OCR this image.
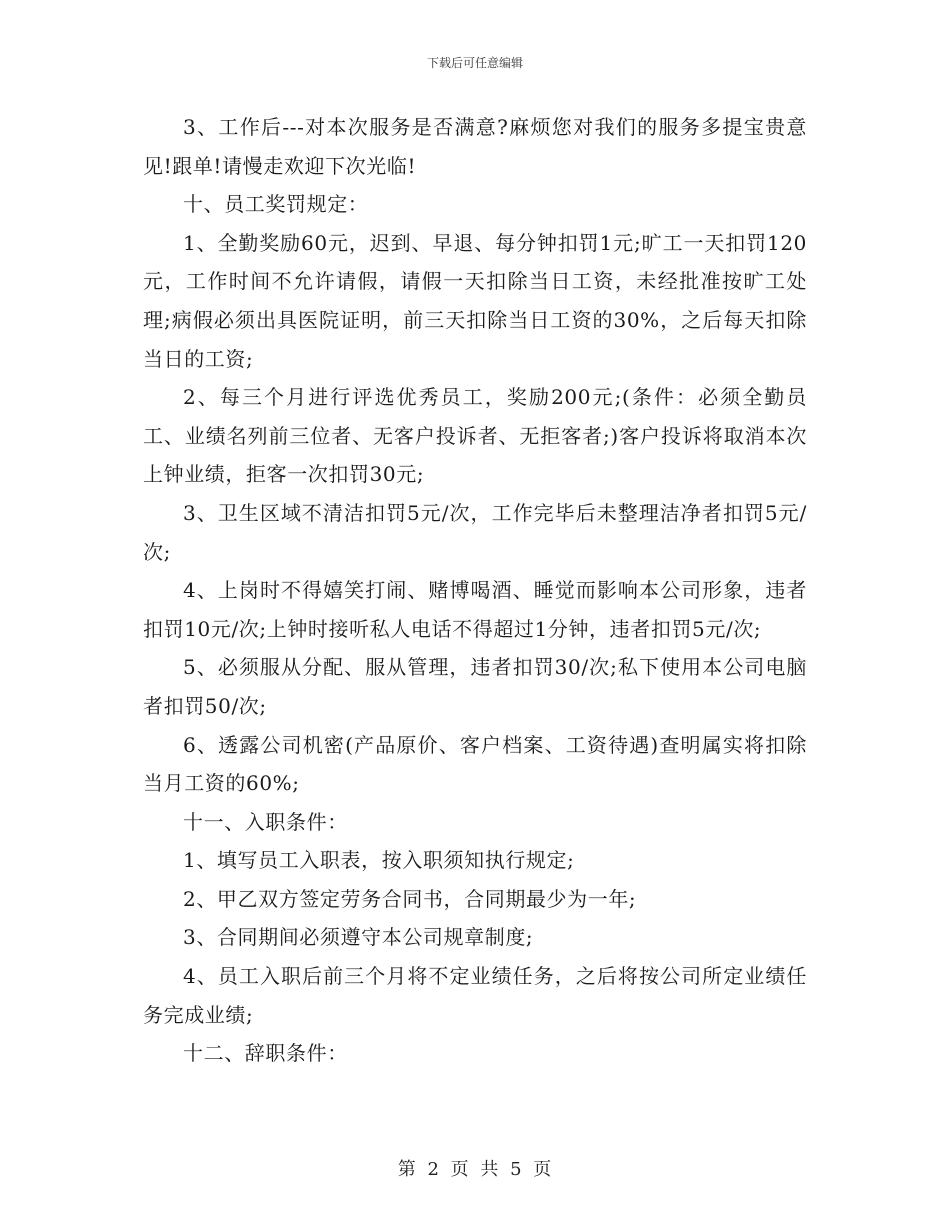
下载后可任意编辑

3、工作后---对本次服务是否满意?麻烦您对我们的服务多提宝贵意见!跟单!请慢走欢迎下次光临!

十、员工奖罚规定：

1、全勤奖励60元，迟到、早退、每分钟扣罚1元;旷工一天扣罚120元，工作时间不允许请假，请假一天扣除当日工资，未经批准按旷工处理;病假必须出具医院证明，前三天扣除当日工资的30%，之后每天扣除当日的工资;

2、每三个月进行评选优秀员工，奖励200元;(条件：必须全勤员工、业绩名列前三位者、无客户投诉者、无拒客者;)客户投诉将取消本次上钟业绩，拒客一次扣罚30元;

3、卫生区域不清洁扣罚5元/次，工作完毕后未整理洁净者扣罚5元/次;

4、上岗时不得嬉笑打闹、赌博喝酒、睡觉而影响本公司形象，违者扣罚10元/次;上钟时接听私人电话不得超过1分钟，违者扣罚5元/次;

5、必须服从分配、服从管理，违者扣罚30/次;私下使用本公司电脑者扣罚50/次;

6、透露公司机密(产品原价、客户档案、工资待遇)查明属实将扣除当月工资的60%;

十一、入职条件：

1、填写员工入职表，按入职须知执行规定;

2、甲乙双方签定劳务合同书，合同期最少为一年;

3、合同期间必须遵守本公司规章制度;

4、员工入职后前三个月将不定业绩任务，之后将按公司所定业绩任务完成业绩;

十二、辞职条件：

第 2 页 共 5 页
